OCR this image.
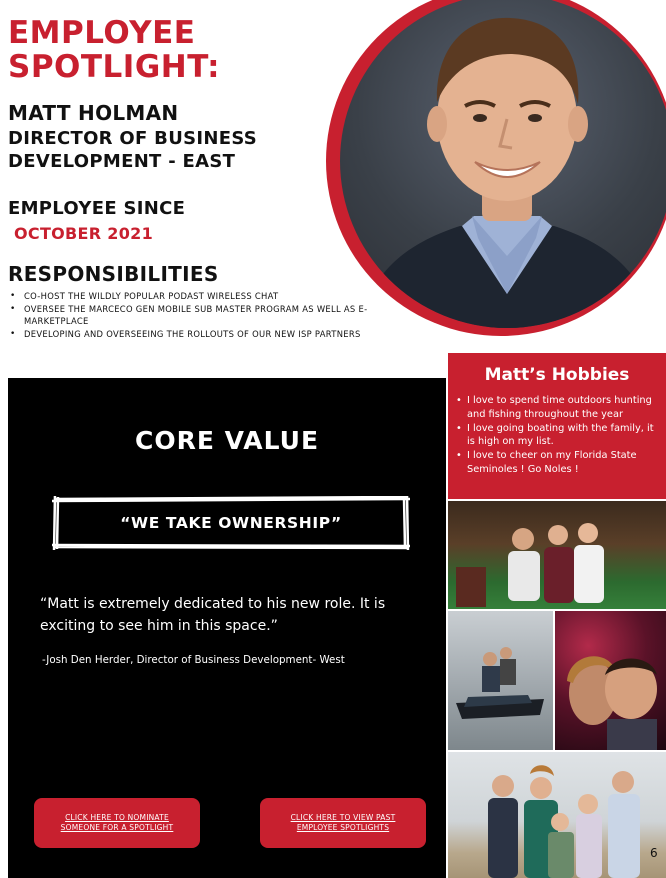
EMPLOYEE
SPOTLIGHT:
MATT HOLMAN
DIRECTOR OF BUSINESS
DEVELOPMENT - EAST
EMPLOYEE SINCE
OCTOBER 2021
RESPONSIBILITIES
• CO-HOST THE WILDLY POPULAR PODAST WIRELESS CHAT
• OVERSEE THE MARCECO GEN MOBILE SUB MASTER PROGRAM AS WELL AS E-MARKETPLACE
• DEVELOPING AND OVERSEEING THE ROLLOUTS OF OUR NEW ISP PARTNERS
CORE VALUE
“WE TAKE OWNERSHIP”
“Matt is extremely dedicated to his new role. It is exciting to see him in this space.”
-Josh Den Herder, Director of Business Development- West
CLICK HERE TO NOMINATE SOMEONE FOR A SPOTLIGHT
CLICK HERE TO VIEW PAST EMPLOYEE SPOTLIGHTS
Matt’s Hobbies
• I love to spend time outdoors hunting and fishing throughout the year
• I love going boating with the family, it is high on my list.
• I love to cheer on my Florida State Seminoles ! Go Noles !
6
